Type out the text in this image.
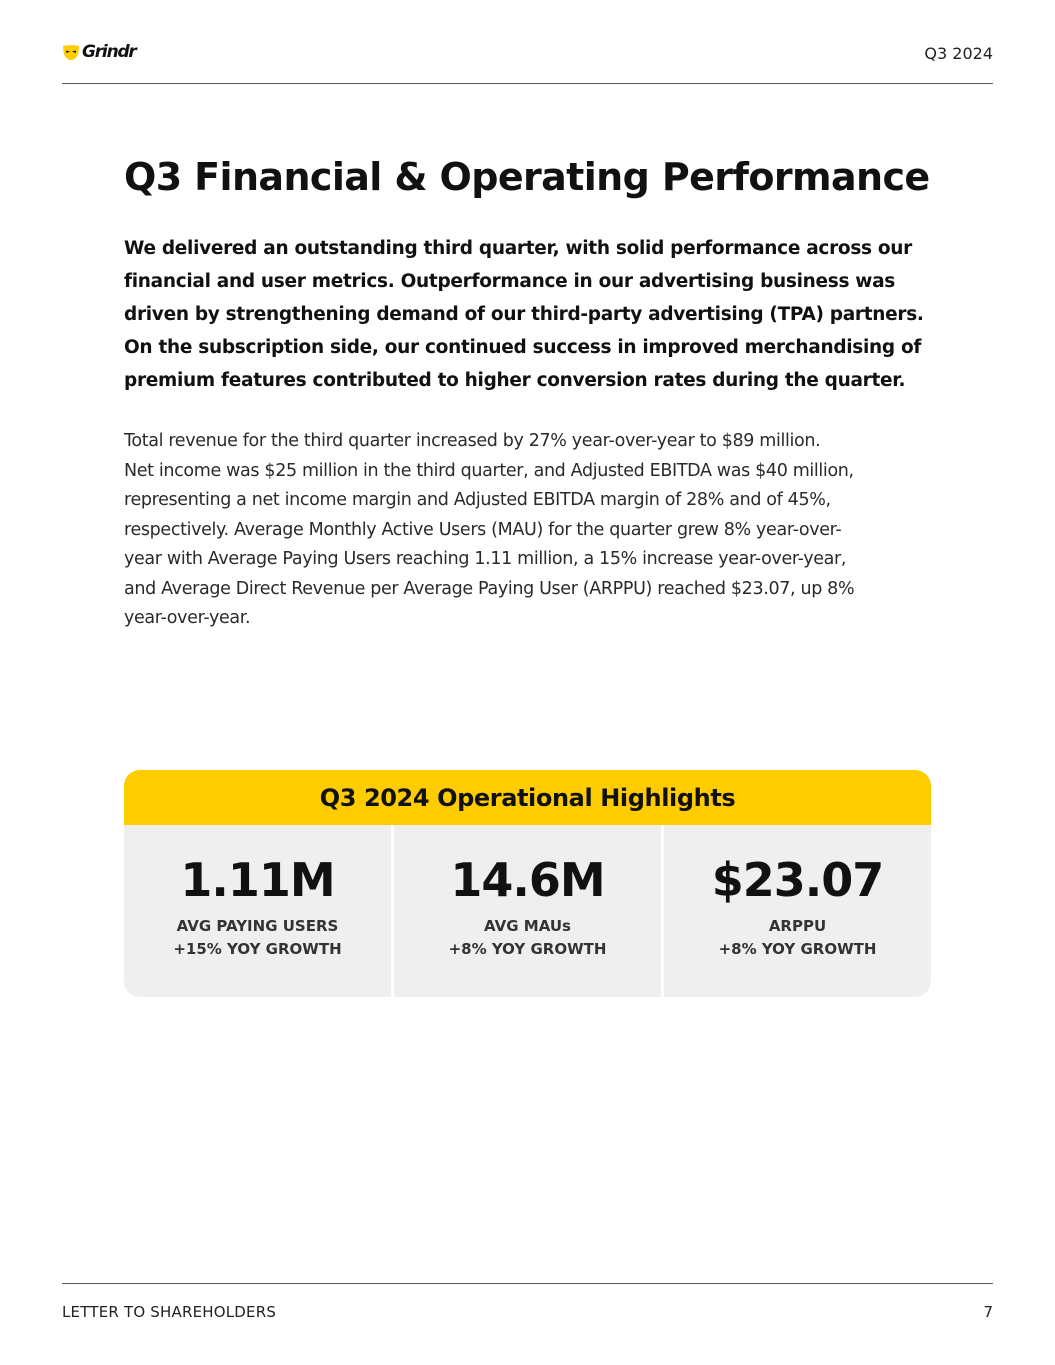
Grindr	Q3 2024
Q3 Financial & Operating Performance

We delivered an outstanding third quarter, with solid performance across our
financial and user metrics. Outperformance in our advertising business was
driven by strengthening demand of our third-party advertising (TPA) partners.
On the subscription side, our continued success in improved merchandising of
premium features contributed to higher conversion rates during the quarter.

Total revenue for the third quarter increased by 27% year-over-year to $89 million.
Net income was $25 million in the third quarter, and Adjusted EBITDA was $40 million,
representing a net income margin and Adjusted EBITDA margin of 28% and of 45%,
respectively. Average Monthly Active Users (MAU) for the quarter grew 8% year-over-
year with Average Paying Users reaching 1.11 million, a 15% increase year-over-year,
and Average Direct Revenue per Average Paying User (ARPPU) reached $23.07, up 8%
year-over-year.

Q3 2024 Operational Highlights
1.11M
AVG PAYING USERS
+15% YOY GROWTH
14.6M
AVG MAUs
+8% YOY GROWTH
$23.07
ARPPU
+8% YOY GROWTH
LETTER TO SHAREHOLDERS	7
